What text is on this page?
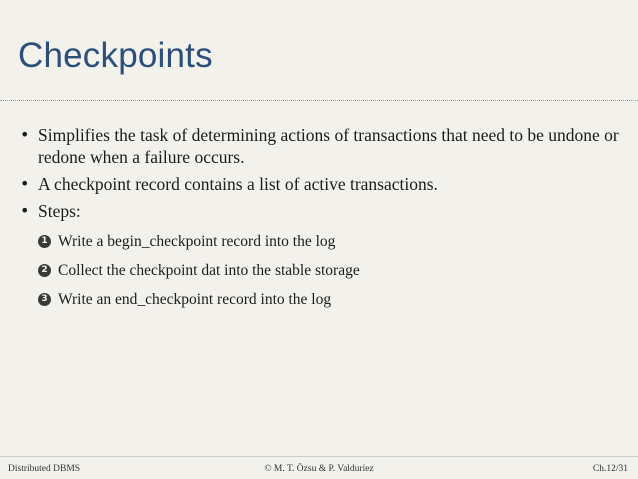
Checkpoints
• Simplifies the task of determining actions of transactions that need to be undone or redone when a failure occurs.
• A checkpoint record contains a list of active transactions.
• Steps:
1 Write a begin_checkpoint record into the log
2 Collect the checkpoint dat into the stable storage
3 Write an end_checkpoint record into the log
Distributed DBMS	© M. T. Özsu & P. Valduriez	Ch.12/31
